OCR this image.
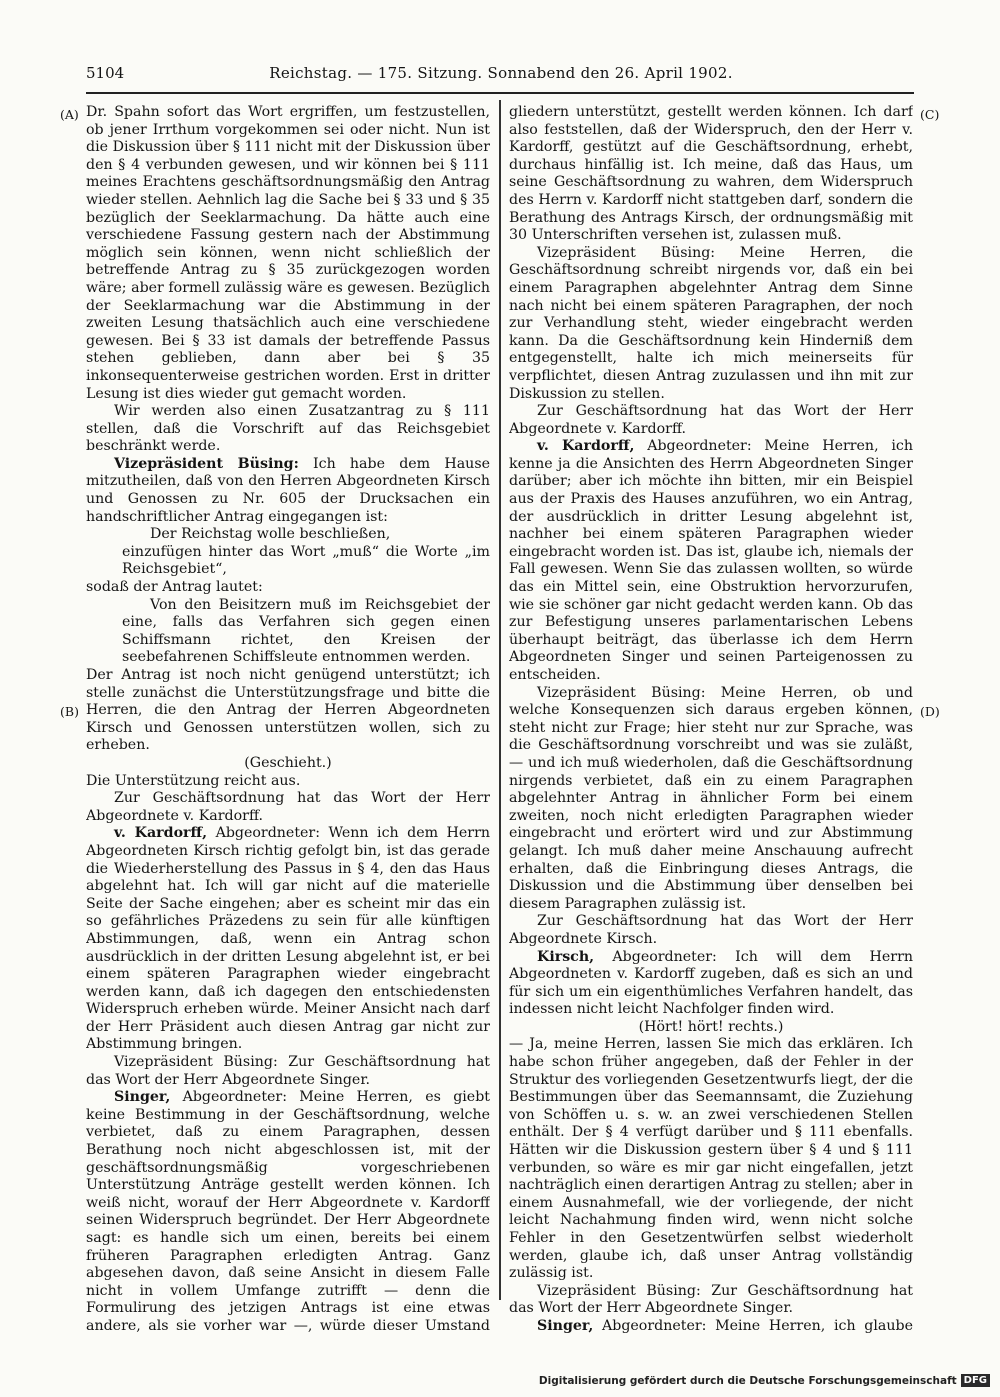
5104	Reichstag. — 175. Sitzung. Sonnabend den 26. April 1902.
(A)
(B)
(C)
(D)

Dr. Spahn sofort das Wort ergriffen, um festzustellen, ob jener Irrthum vorgekommen sei oder nicht. Nun ist die Diskussion über § 111 nicht mit der Diskussion über den § 4 verbunden gewesen, und wir können bei § 111 meines Erachtens geschäftsordnungsmäßig den Antrag wieder stellen. Aehnlich lag die Sache bei § 33 und § 35 bezüglich der Seeklarmachung. Da hätte auch eine verschiedene Fassung gestern nach der Abstimmung möglich sein können, wenn nicht schließlich der betreffende Antrag zu § 35 zurückgezogen worden wäre; aber formell zulässig wäre es gewesen. Bezüglich der Seeklarmachung war die Abstimmung in der zweiten Lesung thatsächlich auch eine verschiedene gewesen. Bei § 33 ist damals der betreffende Passus stehen geblieben, dann aber bei § 35 inkonsequenterweise gestrichen worden. Erst in dritter Lesung ist dies wieder gut gemacht worden.

Wir werden also einen Zusatzantrag zu § 111 stellen, daß die Vorschrift auf das Reichsgebiet beschränkt werde.

Vizepräsident Büsing: Ich habe dem Hause mitzutheilen, daß von den Herren Abgeordneten Kirsch und Genossen zu Nr. 605 der Drucksachen ein handschriftlicher Antrag eingegangen ist:

Der Reichstag wolle beschließen,

einzufügen hinter das Wort „muß“ die Worte „im Reichsgebiet“,

sodaß der Antrag lautet:

Von den Beisitzern muß im Reichsgebiet der eine, falls das Verfahren sich gegen einen Schiffsmann richtet, den Kreisen der seebefahrenen Schiffsleute entnommen werden.

Der Antrag ist noch nicht genügend unterstützt; ich stelle zunächst die Unterstützungsfrage und bitte die Herren, die den Antrag der Herren Abgeordneten Kirsch und Genossen unterstützen wollen, sich zu erheben.

(Geschieht.)

Die Unterstützung reicht aus.

Zur Geschäftsordnung hat das Wort der Herr Abgeordnete v. Kardorff.

v. Kardorff, Abgeordneter: Wenn ich dem Herrn Abgeordneten Kirsch richtig gefolgt bin, ist das gerade die Wiederherstellung des Passus in § 4, den das Haus abgelehnt hat. Ich will gar nicht auf die materielle Seite der Sache eingehen; aber es scheint mir das ein so gefährliches Präzedens zu sein für alle künftigen Abstimmungen, daß, wenn ein Antrag schon ausdrücklich in der dritten Lesung abgelehnt ist, er bei einem späteren Paragraphen wieder eingebracht werden kann, daß ich dagegen den entschiedensten Widerspruch erheben würde. Meiner Ansicht nach darf der Herr Präsident auch diesen Antrag gar nicht zur Abstimmung bringen.

Vizepräsident Büsing: Zur Geschäftsordnung hat das Wort der Herr Abgeordnete Singer.

Singer, Abgeordneter: Meine Herren, es giebt keine Bestimmung in der Geschäftsordnung, welche verbietet, daß zu einem Paragraphen, dessen Berathung noch nicht abgeschlossen ist, mit der geschäftsordnungsmäßig vorgeschriebenen Unterstützung Anträge gestellt werden können. Ich weiß nicht, worauf der Herr Abgeordnete v. Kardorff seinen Widerspruch begründet. Der Herr Abgeordnete sagt: es handle sich um einen, bereits bei einem früheren Paragraphen erledigten Antrag. Ganz abgesehen davon, daß seine Ansicht in diesem Falle nicht in vollem Umfange zutrifft — denn die Formulirung des jetzigen Antrags ist eine etwas andere, als sie vorher war —, würde dieser Umstand

gliedern unterstützt, gestellt werden können. Ich darf also feststellen, daß der Widerspruch, den der Herr v. Kardorff, gestützt auf die Geschäftsordnung, erhebt, durchaus hinfällig ist. Ich meine, daß das Haus, um seine Geschäftsordnung zu wahren, dem Widerspruch des Herrn v. Kardorff nicht stattgeben darf, sondern die Berathung des Antrags Kirsch, der ordnungsmäßig mit 30 Unterschriften versehen ist, zulassen muß.

Vizepräsident Büsing: Meine Herren, die Geschäftsordnung schreibt nirgends vor, daß ein bei einem Paragraphen abgelehnter Antrag dem Sinne nach nicht bei einem späteren Paragraphen, der noch zur Verhandlung steht, wieder eingebracht werden kann. Da die Geschäftsordnung kein Hinderniß dem entgegenstellt, halte ich mich meinerseits für verpflichtet, diesen Antrag zuzulassen und ihn mit zur Diskussion zu stellen.

Zur Geschäftsordnung hat das Wort der Herr Abgeordnete v. Kardorff.

v. Kardorff, Abgeordneter: Meine Herren, ich kenne ja die Ansichten des Herrn Abgeordneten Singer darüber; aber ich möchte ihn bitten, mir ein Beispiel aus der Praxis des Hauses anzuführen, wo ein Antrag, der ausdrücklich in dritter Lesung abgelehnt ist, nachher bei einem späteren Paragraphen wieder eingebracht worden ist. Das ist, glaube ich, niemals der Fall gewesen. Wenn Sie das zulassen wollten, so würde das ein Mittel sein, eine Obstruktion hervorzurufen, wie sie schöner gar nicht gedacht werden kann. Ob das zur Befestigung unseres parlamentarischen Lebens überhaupt beiträgt, das überlasse ich dem Herrn Abgeordneten Singer und seinen Parteigenossen zu entscheiden.

Vizepräsident Büsing: Meine Herren, ob und welche Konsequenzen sich daraus ergeben können, steht nicht zur Frage; hier steht nur zur Sprache, was die Geschäftsordnung vorschreibt und was sie zuläßt, — und ich muß wiederholen, daß die Geschäftsordnung nirgends verbietet, daß ein zu einem Paragraphen abgelehnter Antrag in ähnlicher Form bei einem zweiten, noch nicht erledigten Paragraphen wieder eingebracht und erörtert wird und zur Abstimmung gelangt. Ich muß daher meine Anschauung aufrecht erhalten, daß die Einbringung dieses Antrags, die Diskussion und die Abstimmung über denselben bei diesem Paragraphen zulässig ist.

Zur Geschäftsordnung hat das Wort der Herr Abgeordnete Kirsch.

Kirsch, Abgeordneter: Ich will dem Herrn Abgeordneten v. Kardorff zugeben, daß es sich an und für sich um ein eigenthümliches Verfahren handelt, das indessen nicht leicht Nachfolger finden wird.

(Hört! hört! rechts.)

— Ja, meine Herren, lassen Sie mich das erklären. Ich habe schon früher angegeben, daß der Fehler in der Struktur des vorliegenden Gesetzentwurfs liegt, der die Bestimmungen über das Seemannsamt, die Zuziehung von Schöffen u. s. w. an zwei verschiedenen Stellen enthält. Der § 4 verfügt darüber und § 111 ebenfalls. Hätten wir die Diskussion gestern über § 4 und § 111 verbunden, so wäre es mir gar nicht eingefallen, jetzt nachträglich einen derartigen Antrag zu stellen; aber in einem Ausnahmefall, wie der vorliegende, der nicht leicht Nachahmung finden wird, wenn nicht solche Fehler in den Gesetzentwürfen selbst wiederholt werden, glaube ich, daß unser Antrag vollständig zulässig ist.

Vizepräsident Büsing: Zur Geschäftsordnung hat das Wort der Herr Abgeordnete Singer.

Singer, Abgeordneter: Meine Herren, ich glaube

Digitalisierung gefördert durch die Deutsche Forschungsgemeinschaft DFG
